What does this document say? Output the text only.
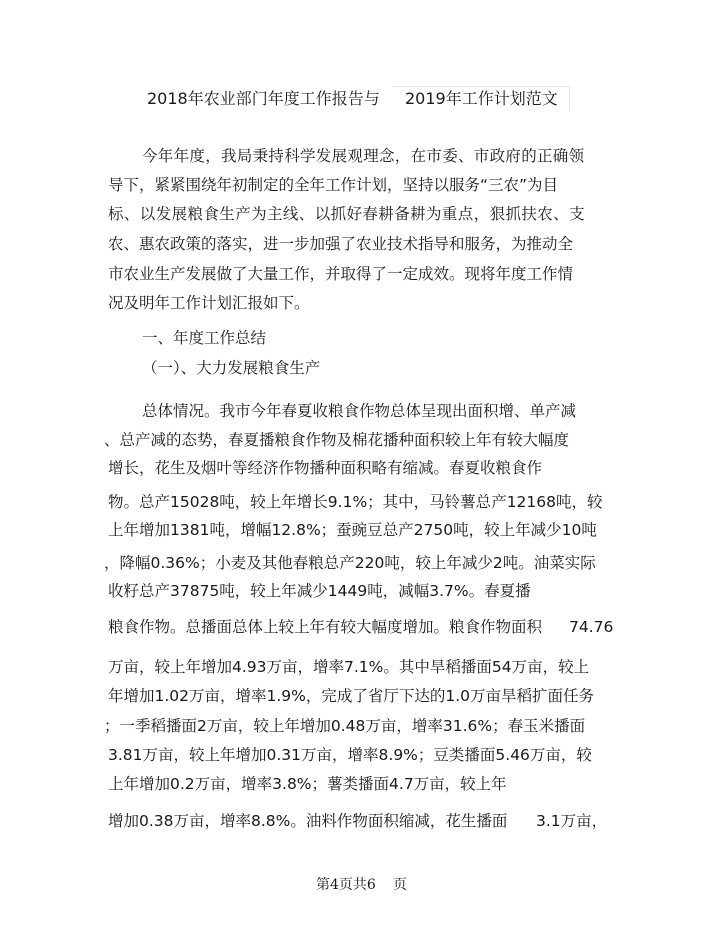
2018年农业部门年度工作报告与 2019年工作计划范文
今年年度，我局秉持科学发展观理念，在市委、市政府的正确领
导下，紧紧围绕年初制定的全年工作计划，坚持以服务“三农”为目
标、以发展粮食生产为主线、以抓好春耕备耕为重点，狠抓扶农、支
农、惠农政策的落实，进一步加强了农业技术指导和服务，为推动全
市农业生产发展做了大量工作，并取得了一定成效。现将年度工作情
况及明年工作计划汇报如下。
一、年度工作总结
（一）、大力发展粮食生产
总体情况。我市今年春夏收粮食作物总体呈现出面积增、单产减
、总产减的态势，春夏播粮食作物及棉花播种面积较上年有较大幅度
增长，花生及烟叶等经济作物播种面积略有缩减。春夏收粮食作
物。总产15028吨，较上年增长9.1%；其中，马铃薯总产12168吨，较
上年增加1381吨，增幅12.8%；蚕豌豆总产2750吨，较上年减少10吨
，降幅0.36%；小麦及其他春粮总产220吨，较上年减少2吨。油菜实际
收籽总产37875吨，较上年减少1449吨，减幅3.7%。春夏播
粮食作物。总播面总体上较上年有较大幅度增加。粮食作物面积 74.76
万亩，较上年增加4.93万亩，增率7.1%。其中旱稻播面54万亩，较上
年增加1.02万亩，增率1.9%，完成了省厅下达的1.0万亩旱稻扩面任务
；一季稻播面2万亩，较上年增加0.48万亩，增率31.6%；春玉米播面
3.81万亩，较上年增加0.31万亩，增率8.9%；豆类播面5.46万亩，较
上年增加0.2万亩，增率3.8%；薯类播面4.7万亩，较上年
增加0.38万亩，增率8.8%。油料作物面积缩减，花生播面 3.1万亩，
第4页共6 页
